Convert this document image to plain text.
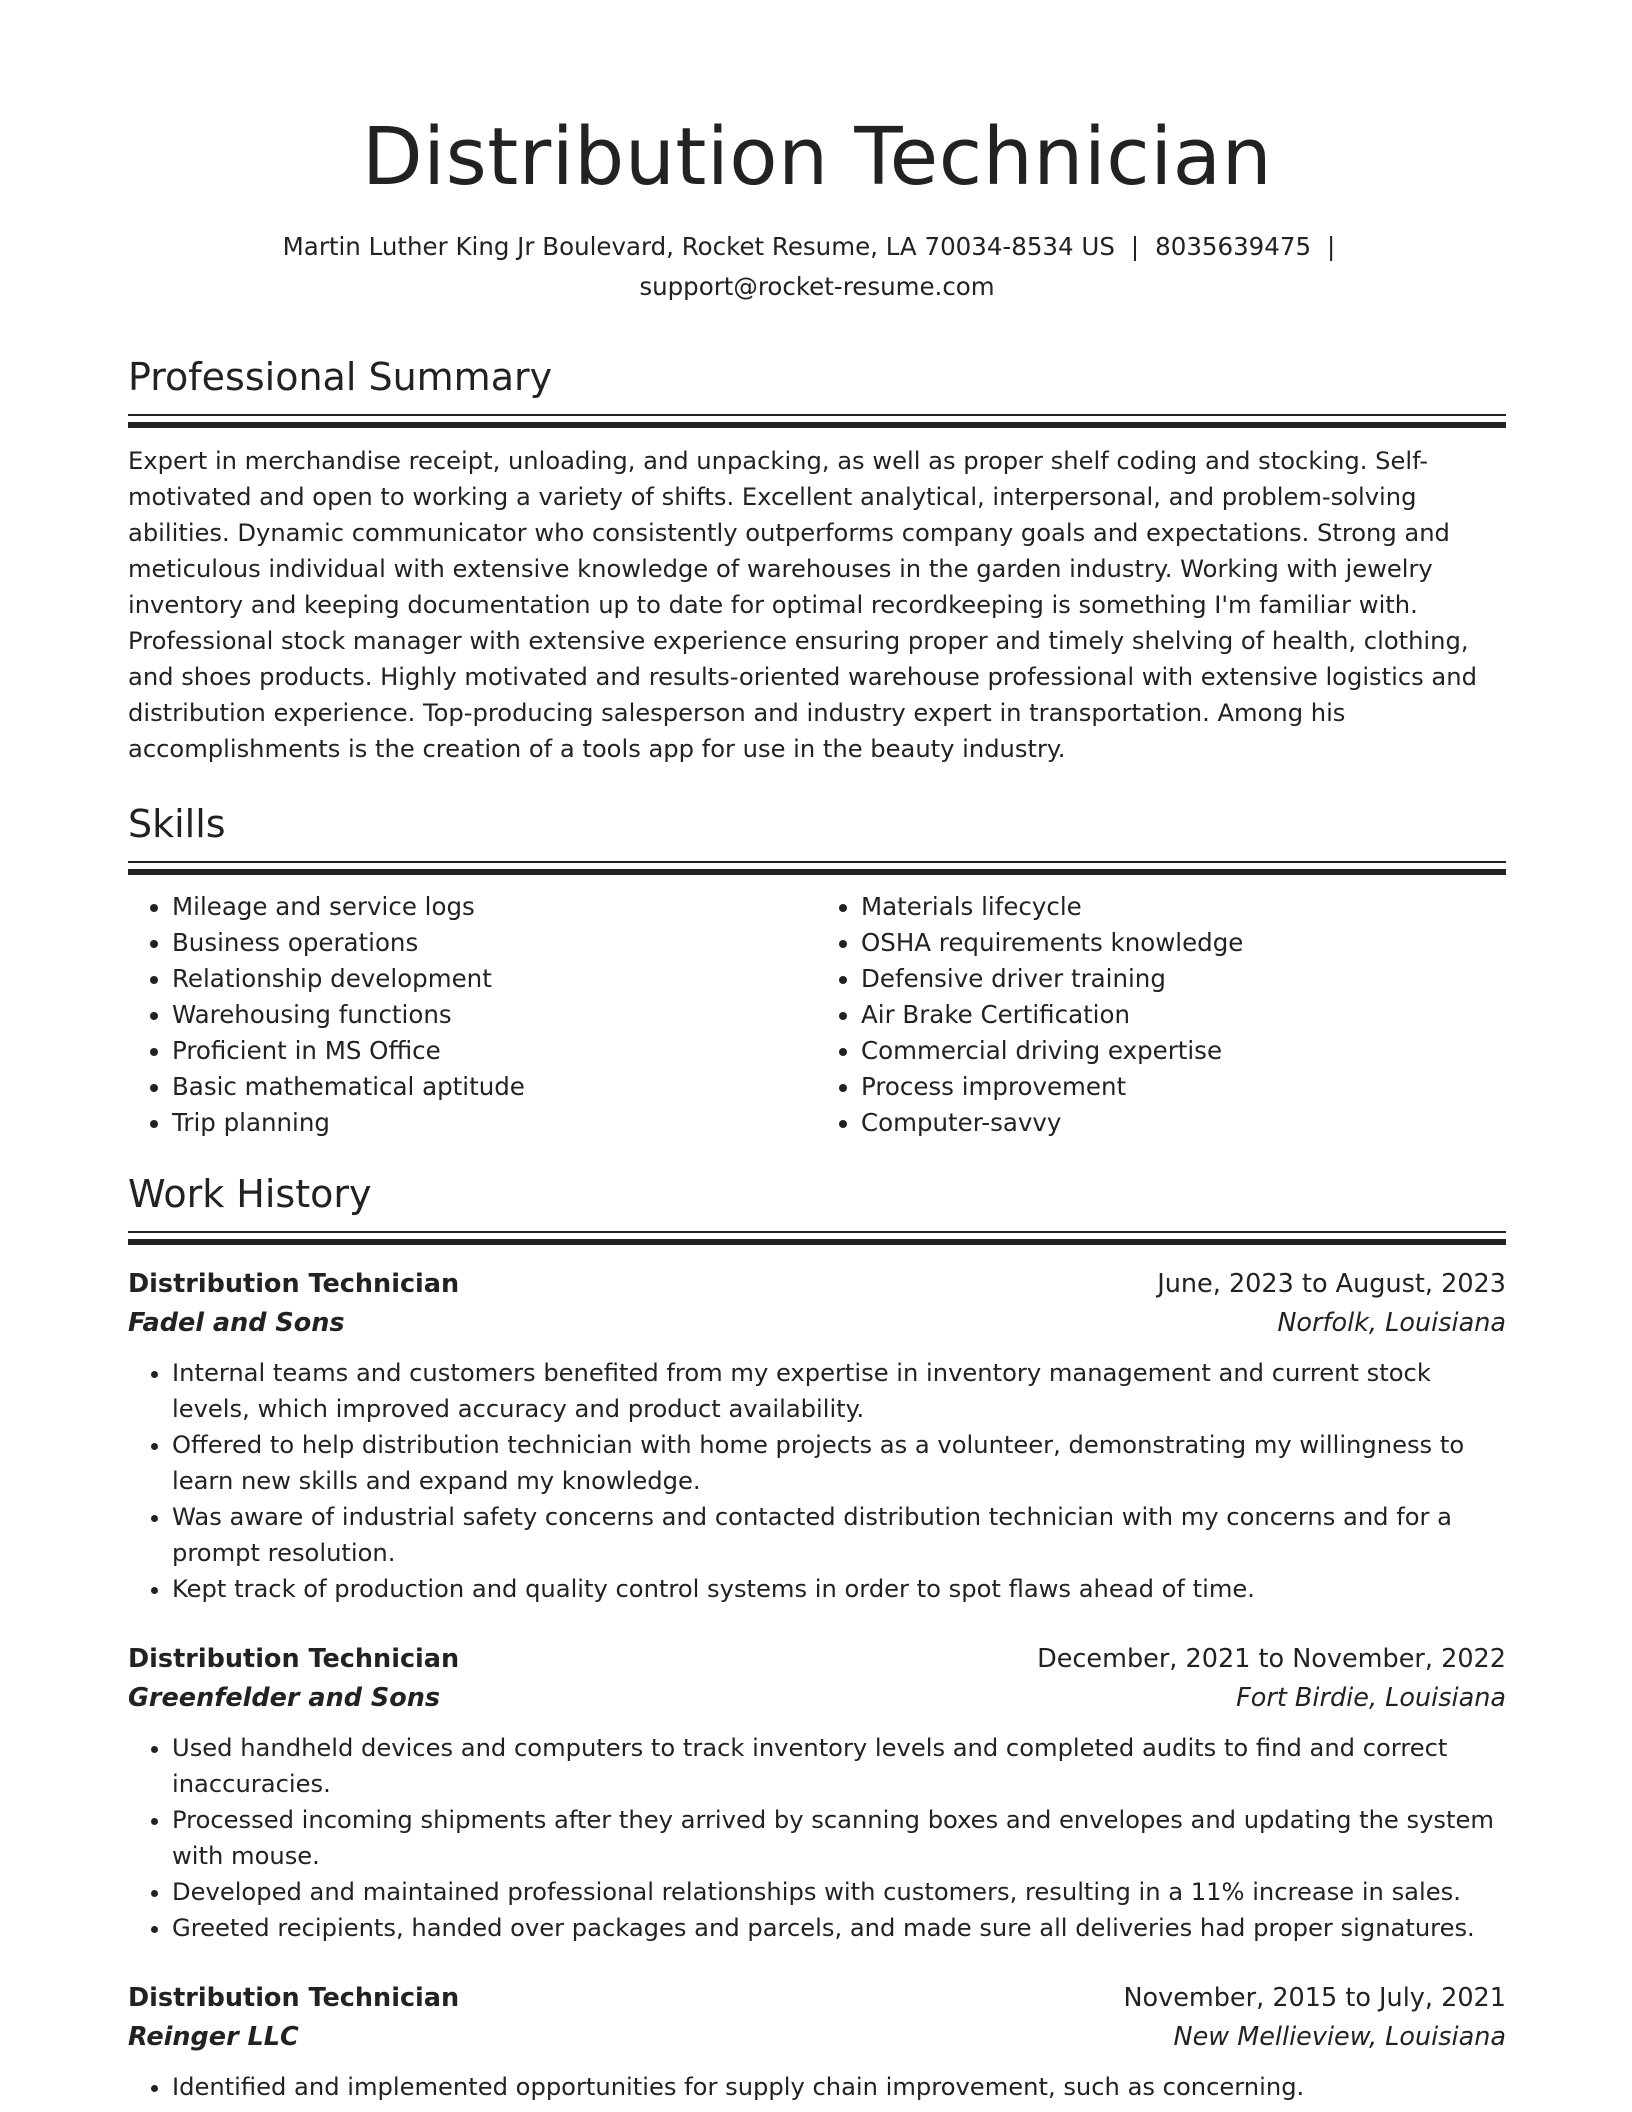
Distribution Technician
Martin Luther King Jr Boulevard, Rocket Resume, LA 70034-8534 US | 8035639475 |
support@rocket-resume.com
Professional Summary

Expert in merchandise receipt, unloading, and unpacking, as well as proper shelf coding and stocking. Self-motivated and open to working a variety of shifts. Excellent analytical, interpersonal, and problem-solving abilities. Dynamic communicator who consistently outperforms company goals and expectations. Strong and meticulous individual with extensive knowledge of warehouses in the garden industry. Working with jewelry inventory and keeping documentation up to date for optimal recordkeeping is something I'm familiar with. Professional stock manager with extensive experience ensuring proper and timely shelving of health, clothing, and shoes products. Highly motivated and results-oriented warehouse professional with extensive logistics and distribution experience. Top-producing salesperson and industry expert in transportation. Among his accomplishments is the creation of a tools app for use in the beauty industry.

Skills
• Mileage and service logs
• Business operations
• Relationship development
• Warehousing functions
• Proficient in MS Office
• Basic mathematical aptitude
• Trip planning
• Materials lifecycle
• OSHA requirements knowledge
• Defensive driver training
• Air Brake Certification
• Commercial driving expertise
• Process improvement
• Computer-savvy
Work History
Distribution Technician	June, 2023 to August, 2023
Fadel and Sons	Norfolk, Louisiana
• Internal teams and customers benefited from my expertise in inventory management and current stock levels, which improved accuracy and product availability.
• Offered to help distribution technician with home projects as a volunteer, demonstrating my willingness to learn new skills and expand my knowledge.
• Was aware of industrial safety concerns and contacted distribution technician with my concerns and for a prompt resolution.
• Kept track of production and quality control systems in order to spot flaws ahead of time.
Distribution Technician	December, 2021 to November, 2022
Greenfelder and Sons	Fort Birdie, Louisiana
• Used handheld devices and computers to track inventory levels and completed audits to find and correct inaccuracies.
• Processed incoming shipments after they arrived by scanning boxes and envelopes and updating the system with mouse.
• Developed and maintained professional relationships with customers, resulting in a 11% increase in sales.
• Greeted recipients, handed over packages and parcels, and made sure all deliveries had proper signatures.
Distribution Technician	November, 2015 to July, 2021
Reinger LLC	New Mellieview, Louisiana
• Identified and implemented opportunities for supply chain improvement, such as concerning.
